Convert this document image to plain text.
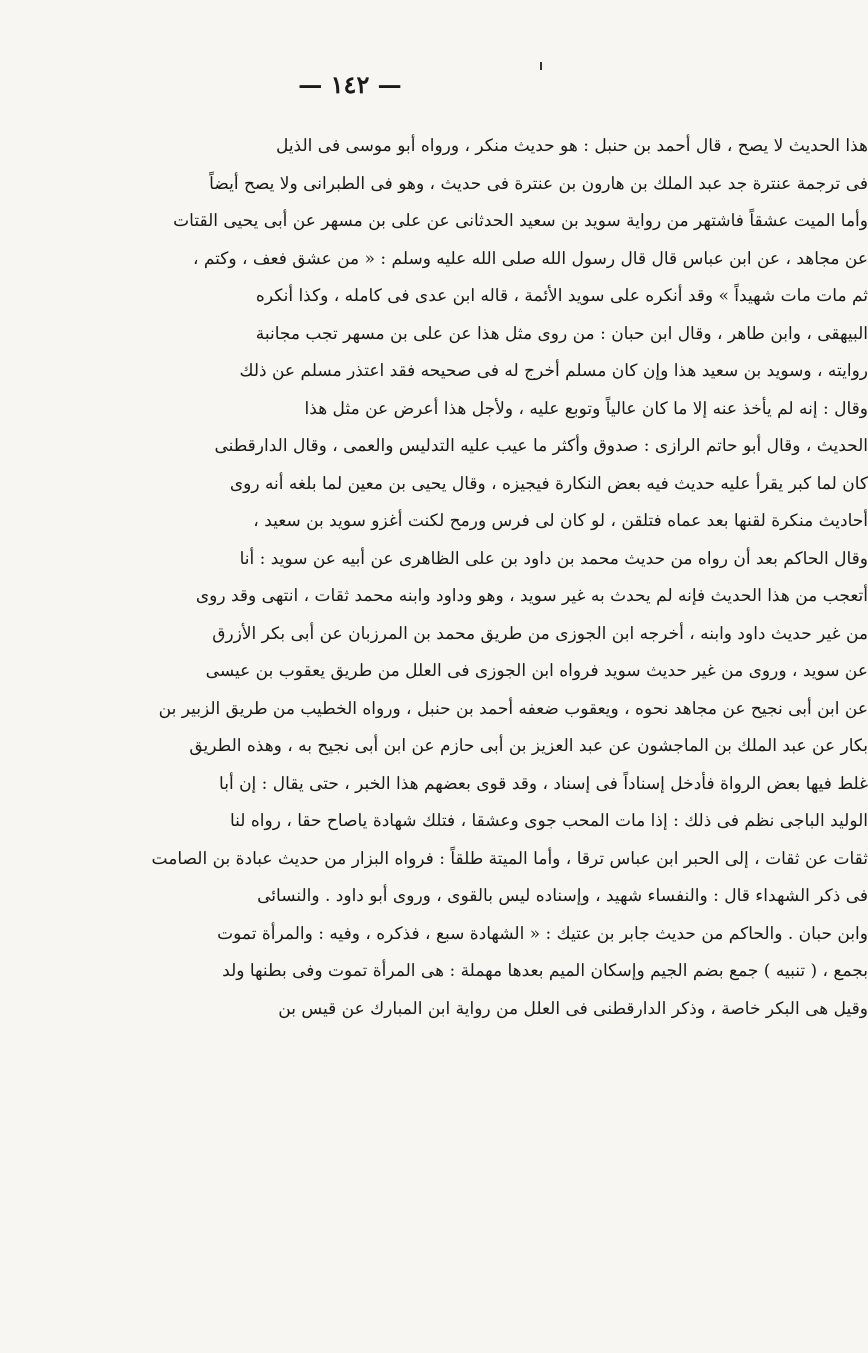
— ١٤٢ —
هذا الحديث لا يصح ، قال أحمد بن حنبل : هو حديث منكر ، ورواه أبو موسى فى الذيل
فى ترجمة عنترة جد عبد الملك بن هارون بن عنترة فى حديث ، وهو فى الطبرانى ولا يصح أيضاً
وأما الميت عشقاً فاشتهر من رواية سويد بن سعيد الحدثانى عن على بن مسهر عن أبى يحيى القتات
عن مجاهد ، عن ابن عباس قال قال رسول الله صلى الله عليه وسلم : « من عشق فعف ، وكتم ،
ثم مات مات شهيداً » وقد أنكره على سويد الأئمة ، قاله ابن عدى فى كامله ، وكذا أنكره
البيهقى ، وابن طاهر ، وقال ابن حبان : من روى مثل هذا عن على بن مسهر تجب مجانبة
روايته ، وسويد بن سعيد هذا وإن كان مسلم أخرج له فى صحيحه فقد اعتذر مسلم عن ذلك
وقال : إنه لم يأخذ عنه إلا ما كان عالياً وتوبع عليه ، ولأجل هذا أعرض عن مثل هذا
الحديث ، وقال أبو حاتم الرازى : صدوق وأكثر ما عيب عليه التدليس والعمى ، وقال الدارقطنى
كان لما كبر يقرأ عليه حديث فيه بعض النكارة فيجيزه ، وقال يحيى بن معين لما بلغه أنه روى
أحاديث منكرة لقنها بعد عماه فتلقن ، لو كان لى فرس ورمح لكنت أغزو سويد بن سعيد ،
وقال الحاكم بعد أن رواه من حديث محمد بن داود بن على الظاهرى عن أبيه عن سويد : أنا
أتعجب من هذا الحديث فإنه لم يحدث به غير سويد ، وهو وداود وابنه محمد ثقات ، انتهى وقد روى
من غير حديث داود وابنه ، أخرجه ابن الجوزى من طريق محمد بن المرزبان عن أبى بكر الأزرق
عن سويد ، وروى من غير حديث سويد فرواه ابن الجوزى فى العلل من طريق يعقوب بن عيسى
عن ابن أبى نجيح عن مجاهد نحوه ، ويعقوب ضعفه أحمد بن حنبل ، ورواه الخطيب من طريق الزبير بن
بكار عن عبد الملك بن الماجشون عن عبد العزيز بن أبى حازم عن ابن أبى نجيح به ، وهذه الطريق
غلط فيها بعض الرواة فأدخل إسناداً فى إسناد ، وقد قوى بعضهم هذا الخبر ، حتى يقال : إن أبا
الوليد الباجى نظم فى ذلك : إذا مات المحب جوى وعشقا ، فتلك شهادة ياصاح حقا ، رواه لنا
ثقات عن ثقات ، إلى الحبر ابن عباس ترقا ، وأما الميتة طلقاً : فرواه البزار من حديث عبادة بن الصامت
فى ذكر الشهداء قال : والنفساء شهيد ، وإسناده ليس بالقوى ، وروى أبو داود . والنسائى
وابن حبان . والحاكم من حديث جابر بن عتيك : « الشهادة سبع ، فذكره ، وفيه : والمرأة تموت
بجمع ، ( تنبيه ) جمع بضم الجيم وإسكان الميم بعدها مهملة : هى المرأة تموت وفى بطنها ولد
وقيل هى البكر خاصة ، وذكر الدارقطنى فى العلل من رواية ابن المبارك عن قيس بن
